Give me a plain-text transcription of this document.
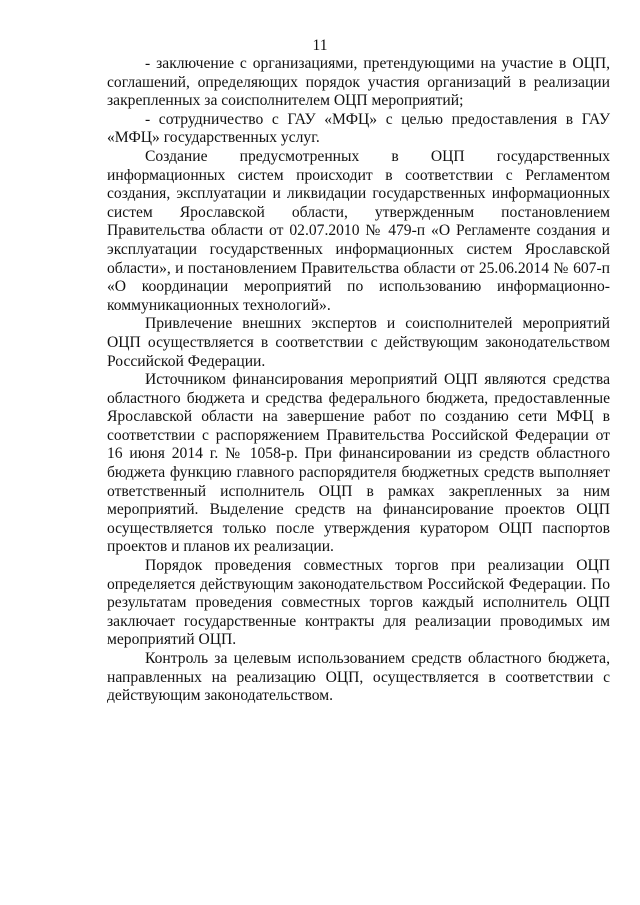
11

- заключение с организациями, претендующими на участие в ОЦП, соглашений, определяющих порядок участия организаций в реализации закрепленных за соисполнителем ОЦП мероприятий;

- сотрудничество с ГАУ «МФЦ» с целью предоставления в ГАУ «МФЦ» государственных услуг.

Создание предусмотренных в ОЦП государственных информационных систем происходит в соответствии с Регламентом создания, эксплуатации и ликвидации государственных информационных систем Ярославской области, утвержденным постановлением Правительства области от 02.07.2010 № 479-п «О Регламенте создания и эксплуатации государственных информационных систем Ярославской области», и постановлением Правительства области от 25.06.2014 № 607-п «О координации мероприятий по использованию информационно-коммуникационных технологий».

Привлечение внешних экспертов и соисполнителей мероприятий ОЦП осуществляется в соответствии с действующим законодательством Российской Федерации.

Источником финансирования мероприятий ОЦП являются средства областного бюджета и средства федерального бюджета, предоставленные Ярославской области на завершение работ по созданию сети МФЦ в соответствии с распоряжением Правительства Российской Федерации от 16 июня 2014 г. № 1058-р. При финансировании из средств областного бюджета функцию главного распорядителя бюджетных средств выполняет ответственный исполнитель ОЦП в рамках закрепленных за ним мероприятий. Выделение средств на финансирование проектов ОЦП осуществляется только после утверждения куратором ОЦП паспортов проектов и планов их реализации.

Порядок проведения совместных торгов при реализации ОЦП определяется действующим законодательством Российской Федерации. По результатам проведения совместных торгов каждый исполнитель ОЦП заключает государственные контракты для реализации проводимых им мероприятий ОЦП.

Контроль за целевым использованием средств областного бюджета, направленных на реализацию ОЦП, осуществляется в соответствии с действующим законодательством.
